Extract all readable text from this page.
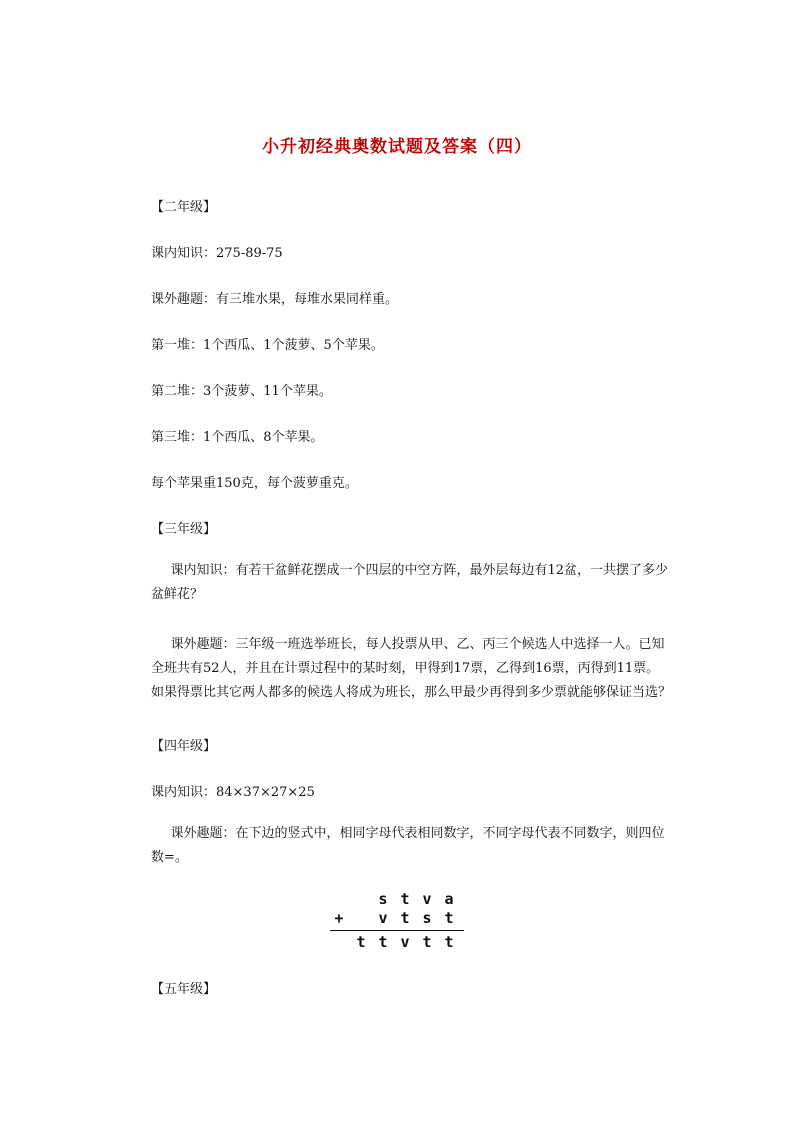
小升初经典奥数试题及答案（四）
【二年级】
课内知识：275-89-75
课外趣题：有三堆水果，每堆水果同样重。
第一堆：1个西瓜、1个菠萝、5个苹果。
第二堆：3个菠萝、11个苹果。
第三堆：1个西瓜、8个苹果。
每个苹果重150克，每个菠萝重克。
【三年级】

课内知识：有若干盆鲜花摆成一个四层的中空方阵，最外层每边有12盆，一共摆了多少盆鲜花？

课外趣题：三年级一班选举班长，每人投票从甲、乙、丙三个候选人中选择一人。已知全班共有52人，并且在计票过程中的某时刻，甲得到17票，乙得到16票，丙得到11票。如果得票比其它两人都多的候选人将成为班长，那么甲最少再得到多少票就能够保证当选？

【四年级】
课内知识：84×37×27×25

课外趣题：在下边的竖式中，相同字母代表相同数字，不同字母代表不同数字，则四位数=。

s t v a
+ v t s t
t t v t t
【五年级】
